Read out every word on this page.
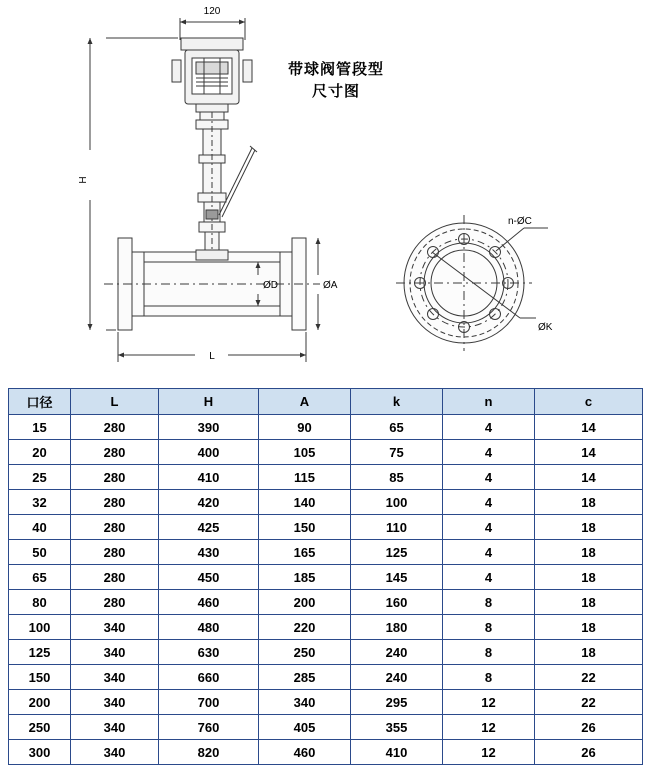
120
H
L
ØD	ØA
n-ØC
ØK
带球阀管段型
尺寸图
口径	L	H	A	k	n	c
15	280	390	90	65	4	14
20	280	400	105	75	4	14
25	280	410	115	85	4	14
32	280	420	140	100	4	18
40	280	425	150	110	4	18
50	280	430	165	125	4	18
65	280	450	185	145	4	18
80	280	460	200	160	8	18
100	340	480	220	180	8	18
125	340	630	250	240	8	18
150	340	660	285	240	8	22
200	340	700	340	295	12	22
250	340	760	405	355	12	26
300	340	820	460	410	12	26
